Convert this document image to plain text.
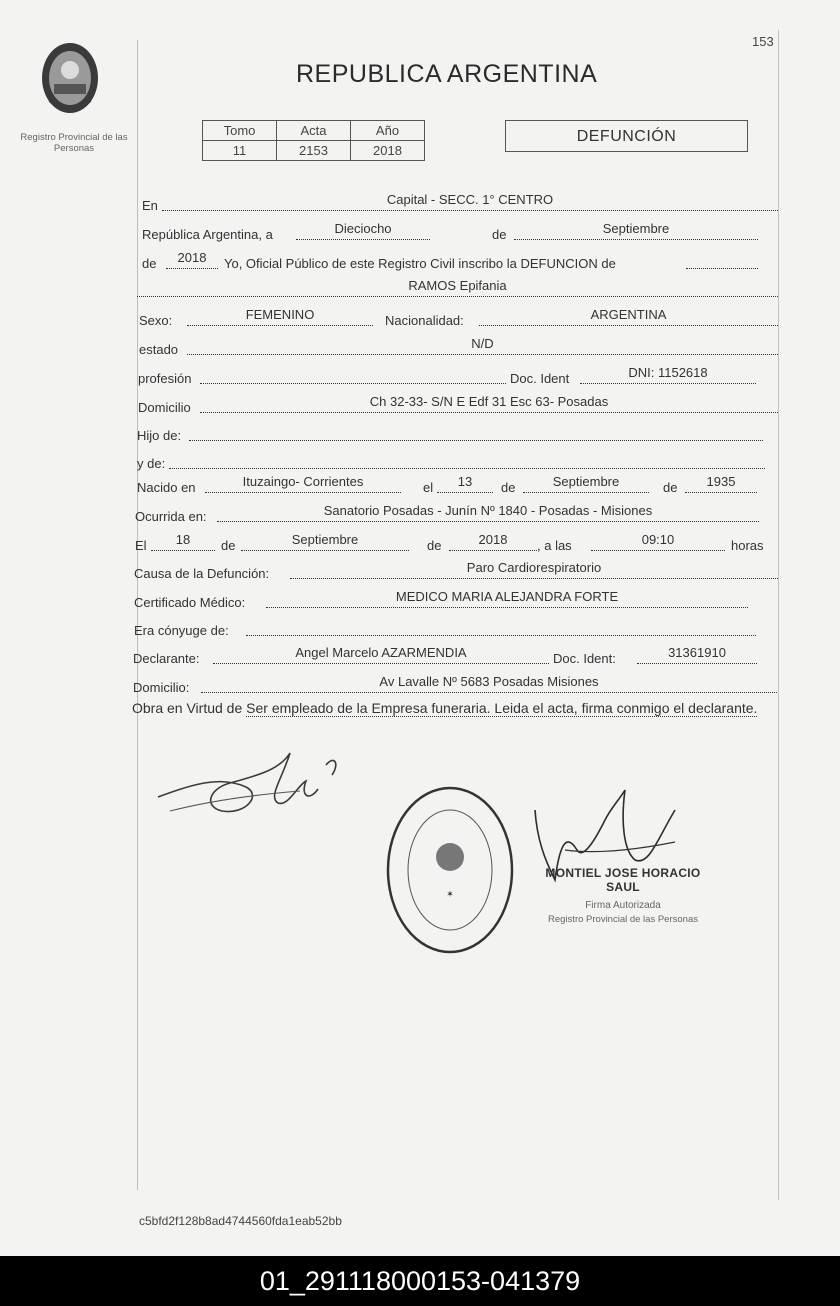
153
Registro Provincial de las Personas
REPUBLICA ARGENTINA
Tomo	Acta	Año
11	2153	2018
DEFUNCIÓN
En	Capital - SECC. 1° CENTRO
República Argentina, a	Dieciocho	de	Septiembre
de	2018	Yo, Oficial Público de este Registro Civil inscribo la DEFUNCION de
RAMOS Epifania
Sexo:	FEMENINO	Nacionalidad:	ARGENTINA
estado	N/D
profesión	Doc. Ident	DNI: 1152618
Domicilio	Ch 32-33- S/N E Edf 31 Esc 63- Posadas
Hijo de:
y de:
Nacido en	Ituzaingo- Corrientes	el	13	de	Septiembre	de	1935
Ocurrida en:	Sanatorio Posadas - Junín Nº 1840 - Posadas - Misiones
El	18	de	Septiembre	de	2018	, a las	09:10	horas
Causa de la Defunción:	Paro Cardiorespiratorio
Certificado Médico:	MEDICO MARIA ALEJANDRA FORTE
Era cónyuge de:
Declarante:	Angel Marcelo AZARMENDIA	Doc. Ident:	31361910
Domicilio:	Av Lavalle Nº 5683 Posadas Misiones
Obra en Virtud de Ser empleado de la Empresa funeraria. Leida el acta, firma conmigo el declarante.
✶
MONTIEL JOSE HORACIO SAUL
Firma Autorizada
Registro Provincial de las Personas
c5bfd2f128b8ad4744560fda1eab52bb
01_291118000153-041379
